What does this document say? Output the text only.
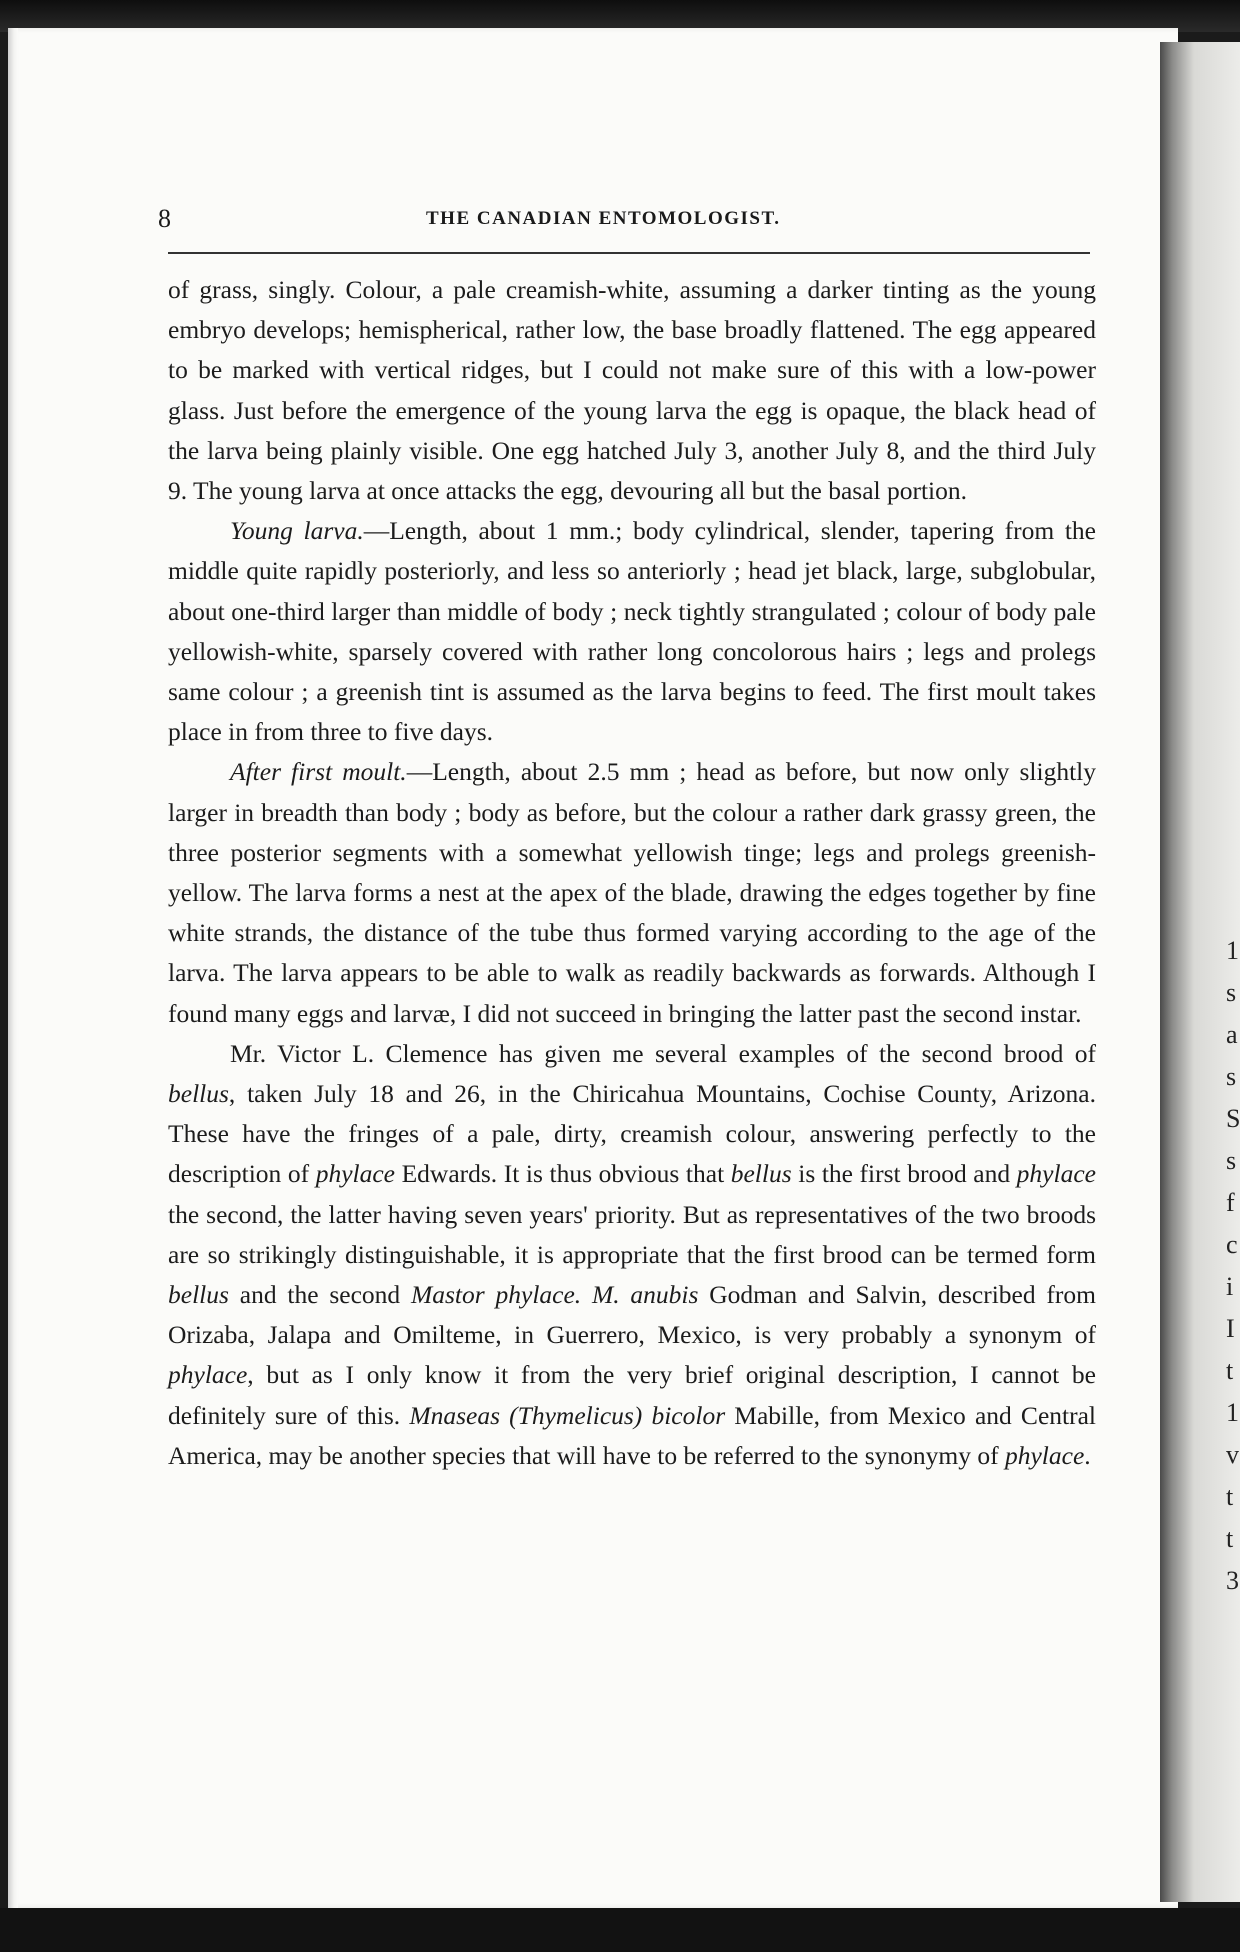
1
s
a
s
S
s
f
c
i
I
t
1
v
t
t
3
8	THE CANADIAN ENTOMOLOGIST.

of grass, singly. Colour, a pale creamish-white, assuming a darker tinting as the young embryo develops; hemispherical, rather low, the base broadly flattened. The egg appeared to be marked with vertical ridges, but I could not make sure of this with a low-power glass. Just before the emergence of the young larva the egg is opaque, the black head of the larva being plainly visible. One egg hatched July 3, another July 8, and the third July 9. The young larva at once attacks the egg, devouring all but the basal portion.

Young larva.—Length, about 1 mm.; body cylindrical, slender, tapering from the middle quite rapidly posteriorly, and less so anteriorly ; head jet black, large, subglobular, about one-third larger than middle of body ; neck tightly strangulated ; colour of body pale yellowish-white, sparsely covered with rather long concolorous hairs ; legs and prolegs same colour ; a greenish tint is assumed as the larva begins to feed. The first moult takes place in from three to five days.

After first moult.—Length, about 2.5 mm ; head as before, but now only slightly larger in breadth than body ; body as before, but the colour a rather dark grassy green, the three posterior segments with a somewhat yellowish tinge; legs and prolegs greenish-yellow. The larva forms a nest at the apex of the blade, drawing the edges together by fine white strands, the distance of the tube thus formed varying according to the age of the larva. The larva appears to be able to walk as readily backwards as forwards. Although I found many eggs and larvæ, I did not succeed in bringing the latter past the second instar.

Mr. Victor L. Clemence has given me several examples of the second brood of bellus, taken July 18 and 26, in the Chiricahua Mountains, Cochise County, Arizona. These have the fringes of a pale, dirty, creamish colour, answering perfectly to the description of phylace Edwards. It is thus obvious that bellus is the first brood and phylace the second, the latter having seven years' priority. But as representatives of the two broods are so strikingly distinguishable, it is appropriate that the first brood can be termed form bellus and the second Mastor phylace. M. anubis Godman and Salvin, described from Orizaba, Jalapa and Omilteme, in Guerrero, Mexico, is very probably a synonym of phylace, but as I only know it from the very brief original description, I cannot be definitely sure of this. Mnaseas (Thymelicus) bicolor Mabille, from Mexico and Central America, may be another species that will have to be referred to the synonymy of phylace.
